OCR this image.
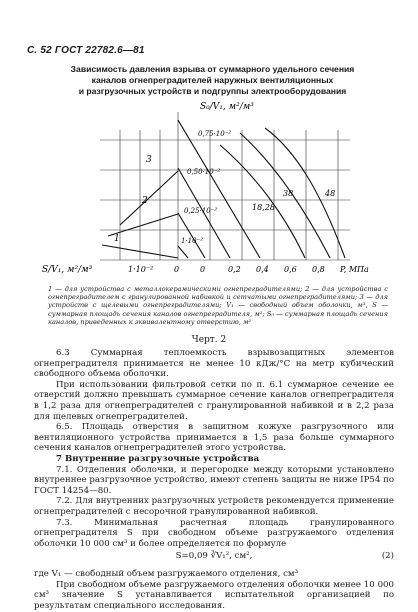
С. 52 ГОСТ 22782.6—81
Зависимость давления взрыва от суммарного удельного сечения
каналов огнепреградителей наружных вентиляционных
и разгрузочных устройств и подгруппы электрооборудования
S₀/V₁, м²/м³
0,75·10⁻²
0,50·10⁻²
0,25·10⁻²
1·10⁻²
1
2
3
18,28
38	48
S/V₁, м²/м³	1·10⁻²	0	0	0,2 0,4 0,6 0,8 P, МПа
1 — для устройства с металлокерамическими огнепреградителями; 2 — для устройства с огнепреградителем с гранулированной набивкой и сетчатыми огнепреградителями; 3 — для устройств с щелевыми огнепреградителями; V₁ — свободный объем оболочки, м³, S — суммарная площадь сечения каналов огнепреградителя, м²; S₀ — суммарная площадь сечения каналов, приведенных к эквивалентному отверстию, м²
Черт. 2

6.3 Суммарная теплоемкость взрывозащитных элементов огнепреградителя принимается не менее 10 кДж/°С на метр кубический свободного объема оболочки.

При использовании фильтровой сетки по п. 6.1 суммарное сечение ее отверстий должно превышать суммарное сечение каналов огнепреградителя в 1,2 раза для огнепреградителей с гранулированной набивкой и в 2,2 раза для щелевых огнепреградителей.

6.5. Площадь отверстия в защитном кожухе разгрузочного или вентиляционного устройства принимается в 1,5 раза больше суммарного сечения каналов огнепреградителей этого устройства.

7 Внутренние разгрузочные устройства

7.1. Отделения оболочки, и перегородке между которыми установлено внутреннее разгрузочное устройство, имеют степень защиты не ниже IP54 по ГОСТ 14254—80.

7.2. Для внутренних разгрузочных устройств рекомендуется применение огнепреградителей с несорочной гранулированной набивкой.

7.3. Минимальная расчетная площадь гранулированного огнепреградителя S при свободном объеме разгружаемого отделения оболочки 10 000 см³ и более определяется по формуле

S=0,09 ∛V₁², см²,	(2)

где V₁ — свободный объем разгружаемого отделения, см³

При свободном объеме разгружаемого отделения оболочки менее 10 000 см³ значение S устанавливается испытательной организацией по результатам специального исследования.
